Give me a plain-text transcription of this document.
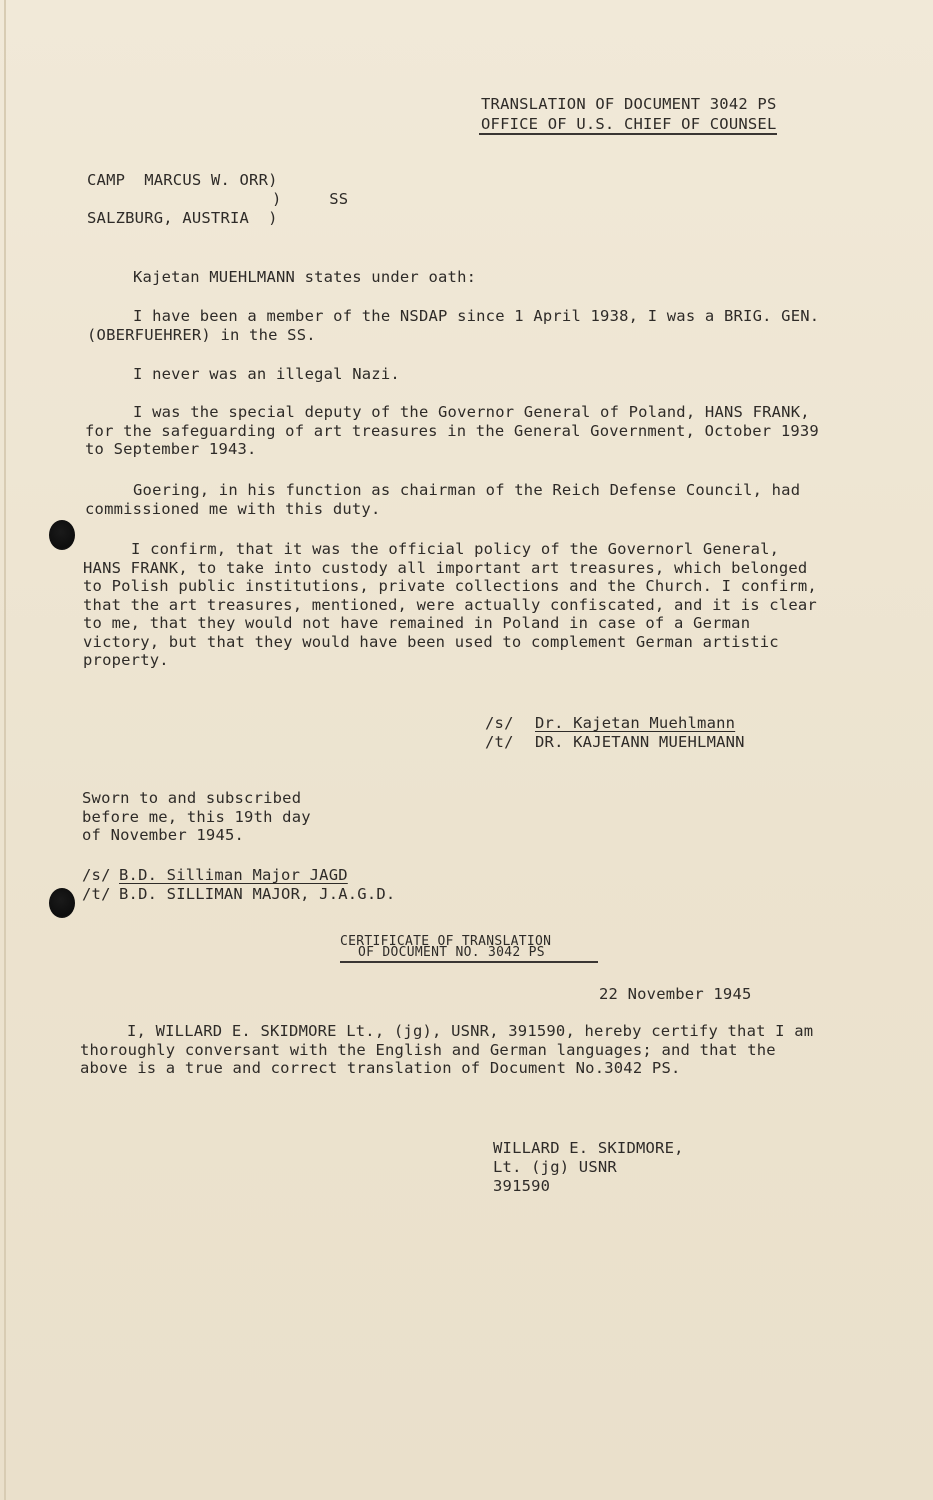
TRANSLATION OF DOCUMENT 3042 PS
OFFICE OF U.S. CHIEF OF COUNSEL
CAMP  MARCUS W. ORR)
)     SS
SALZBURG, AUSTRIA  )
Kajetan MUEHLMANN states under oath:
I have been a member of the NSDAP since 1 April 1938, I was a BRIG. GEN.
(OBERFUEHRER) in the SS.
I never was an illegal Nazi.
I was the special deputy of the Governor General of Poland, HANS FRANK,
for the safeguarding of art treasures in the General Government, October 1939
to September 1943.
Goering, in his function as chairman of the Reich Defense Council, had
commissioned me with this duty.
I confirm, that it was the official policy of the Governorl General,
HANS FRANK, to take into custody all important art treasures, which belonged
to Polish public institutions, private collections and the Church. I confirm,
that the art treasures, mentioned, were actually confiscated, and it is clear
to me, that they would not have remained in Poland in case of a German
victory, but that they would have been used to complement German artistic
property.
/s/ Dr. Kajetan Muehlmann
/t/ DR. KAJETANN MUEHLMANN
Sworn to and subscribed
before me, this 19th day
of November 1945.
/s/ B.D. Silliman Major JAGD
/t/ B.D. SILLIMAN MAJOR, J.A.G.D.
CERTIFICATE OF TRANSLATION
OF DOCUMENT NO. 3042 PS
22 November 1945
I, WILLARD E. SKIDMORE Lt., (jg), USNR, 391590, hereby certify that I am
thoroughly conversant with the English and German languages; and that the
above is a true and correct translation of Document No.3042 PS.
WILLARD E. SKIDMORE,
Lt. (jg) USNR
391590
